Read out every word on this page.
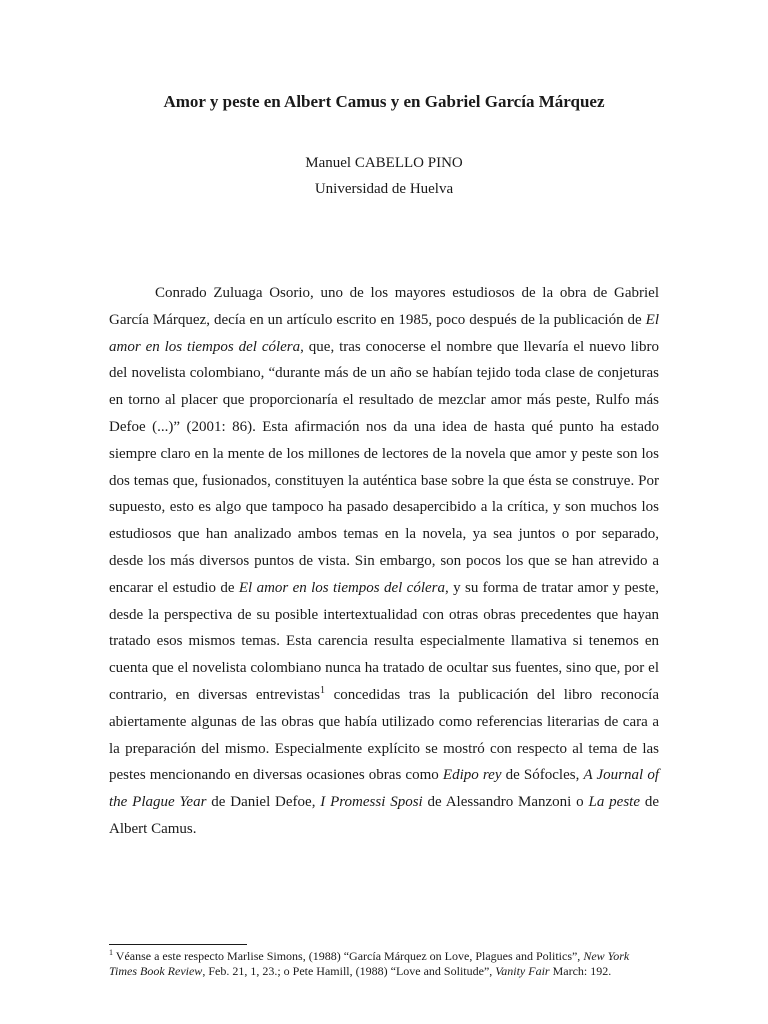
Amor y peste en Albert Camus y en Gabriel García Márquez
Manuel CABELLO PINO
Universidad de Huelva

Conrado Zuluaga Osorio, uno de los mayores estudiosos de la obra de Gabriel García Márquez, decía en un artículo escrito en 1985, poco después de la publicación de El amor en los tiempos del cólera, que, tras conocerse el nombre que llevaría el nuevo libro del novelista colombiano, “durante más de un año se habían tejido toda clase de conjeturas en torno al placer que proporcionaría el resultado de mezclar amor más peste, Rulfo más Defoe (...)” (2001: 86). Esta afirmación nos da una idea de hasta qué punto ha estado siempre claro en la mente de los millones de lectores de la novela que amor y peste son los dos temas que, fusionados, constituyen la auténtica base sobre la que ésta se construye. Por supuesto, esto es algo que tampoco ha pasado desapercibido a la crítica, y son muchos los estudiosos que han analizado ambos temas en la novela, ya sea juntos o por separado, desde los más diversos puntos de vista. Sin embargo, son pocos los que se han atrevido a encarar el estudio de El amor en los tiempos del cólera, y su forma de tratar amor y peste, desde la perspectiva de su posible intertextualidad con otras obras precedentes que hayan tratado esos mismos temas. Esta carencia resulta especialmente llamativa si tenemos en cuenta que el novelista colombiano nunca ha tratado de ocultar sus fuentes, sino que, por el contrario, en diversas entrevistas$^1$ concedidas tras la publicación del libro reconocía abiertamente algunas de las obras que había utilizado como referencias literarias de cara a la preparación del mismo. Especialmente explícito se mostró con respecto al tema de las pestes mencionando en diversas ocasiones obras como Edipo rey de Sófocles, A Journal of the Plague Year de Daniel Defoe, I Promessi Sposi de Alessandro Manzoni o La peste de Albert Camus.

$^1$ Véanse a este respecto Marlise Simons, (1988) “García Márquez on Love, Plagues and Politics”, New York Times Book Review, Feb. 21, 1, 23.; o Pete Hamill, (1988) “Love and Solitude”, Vanity Fair March: 192.
